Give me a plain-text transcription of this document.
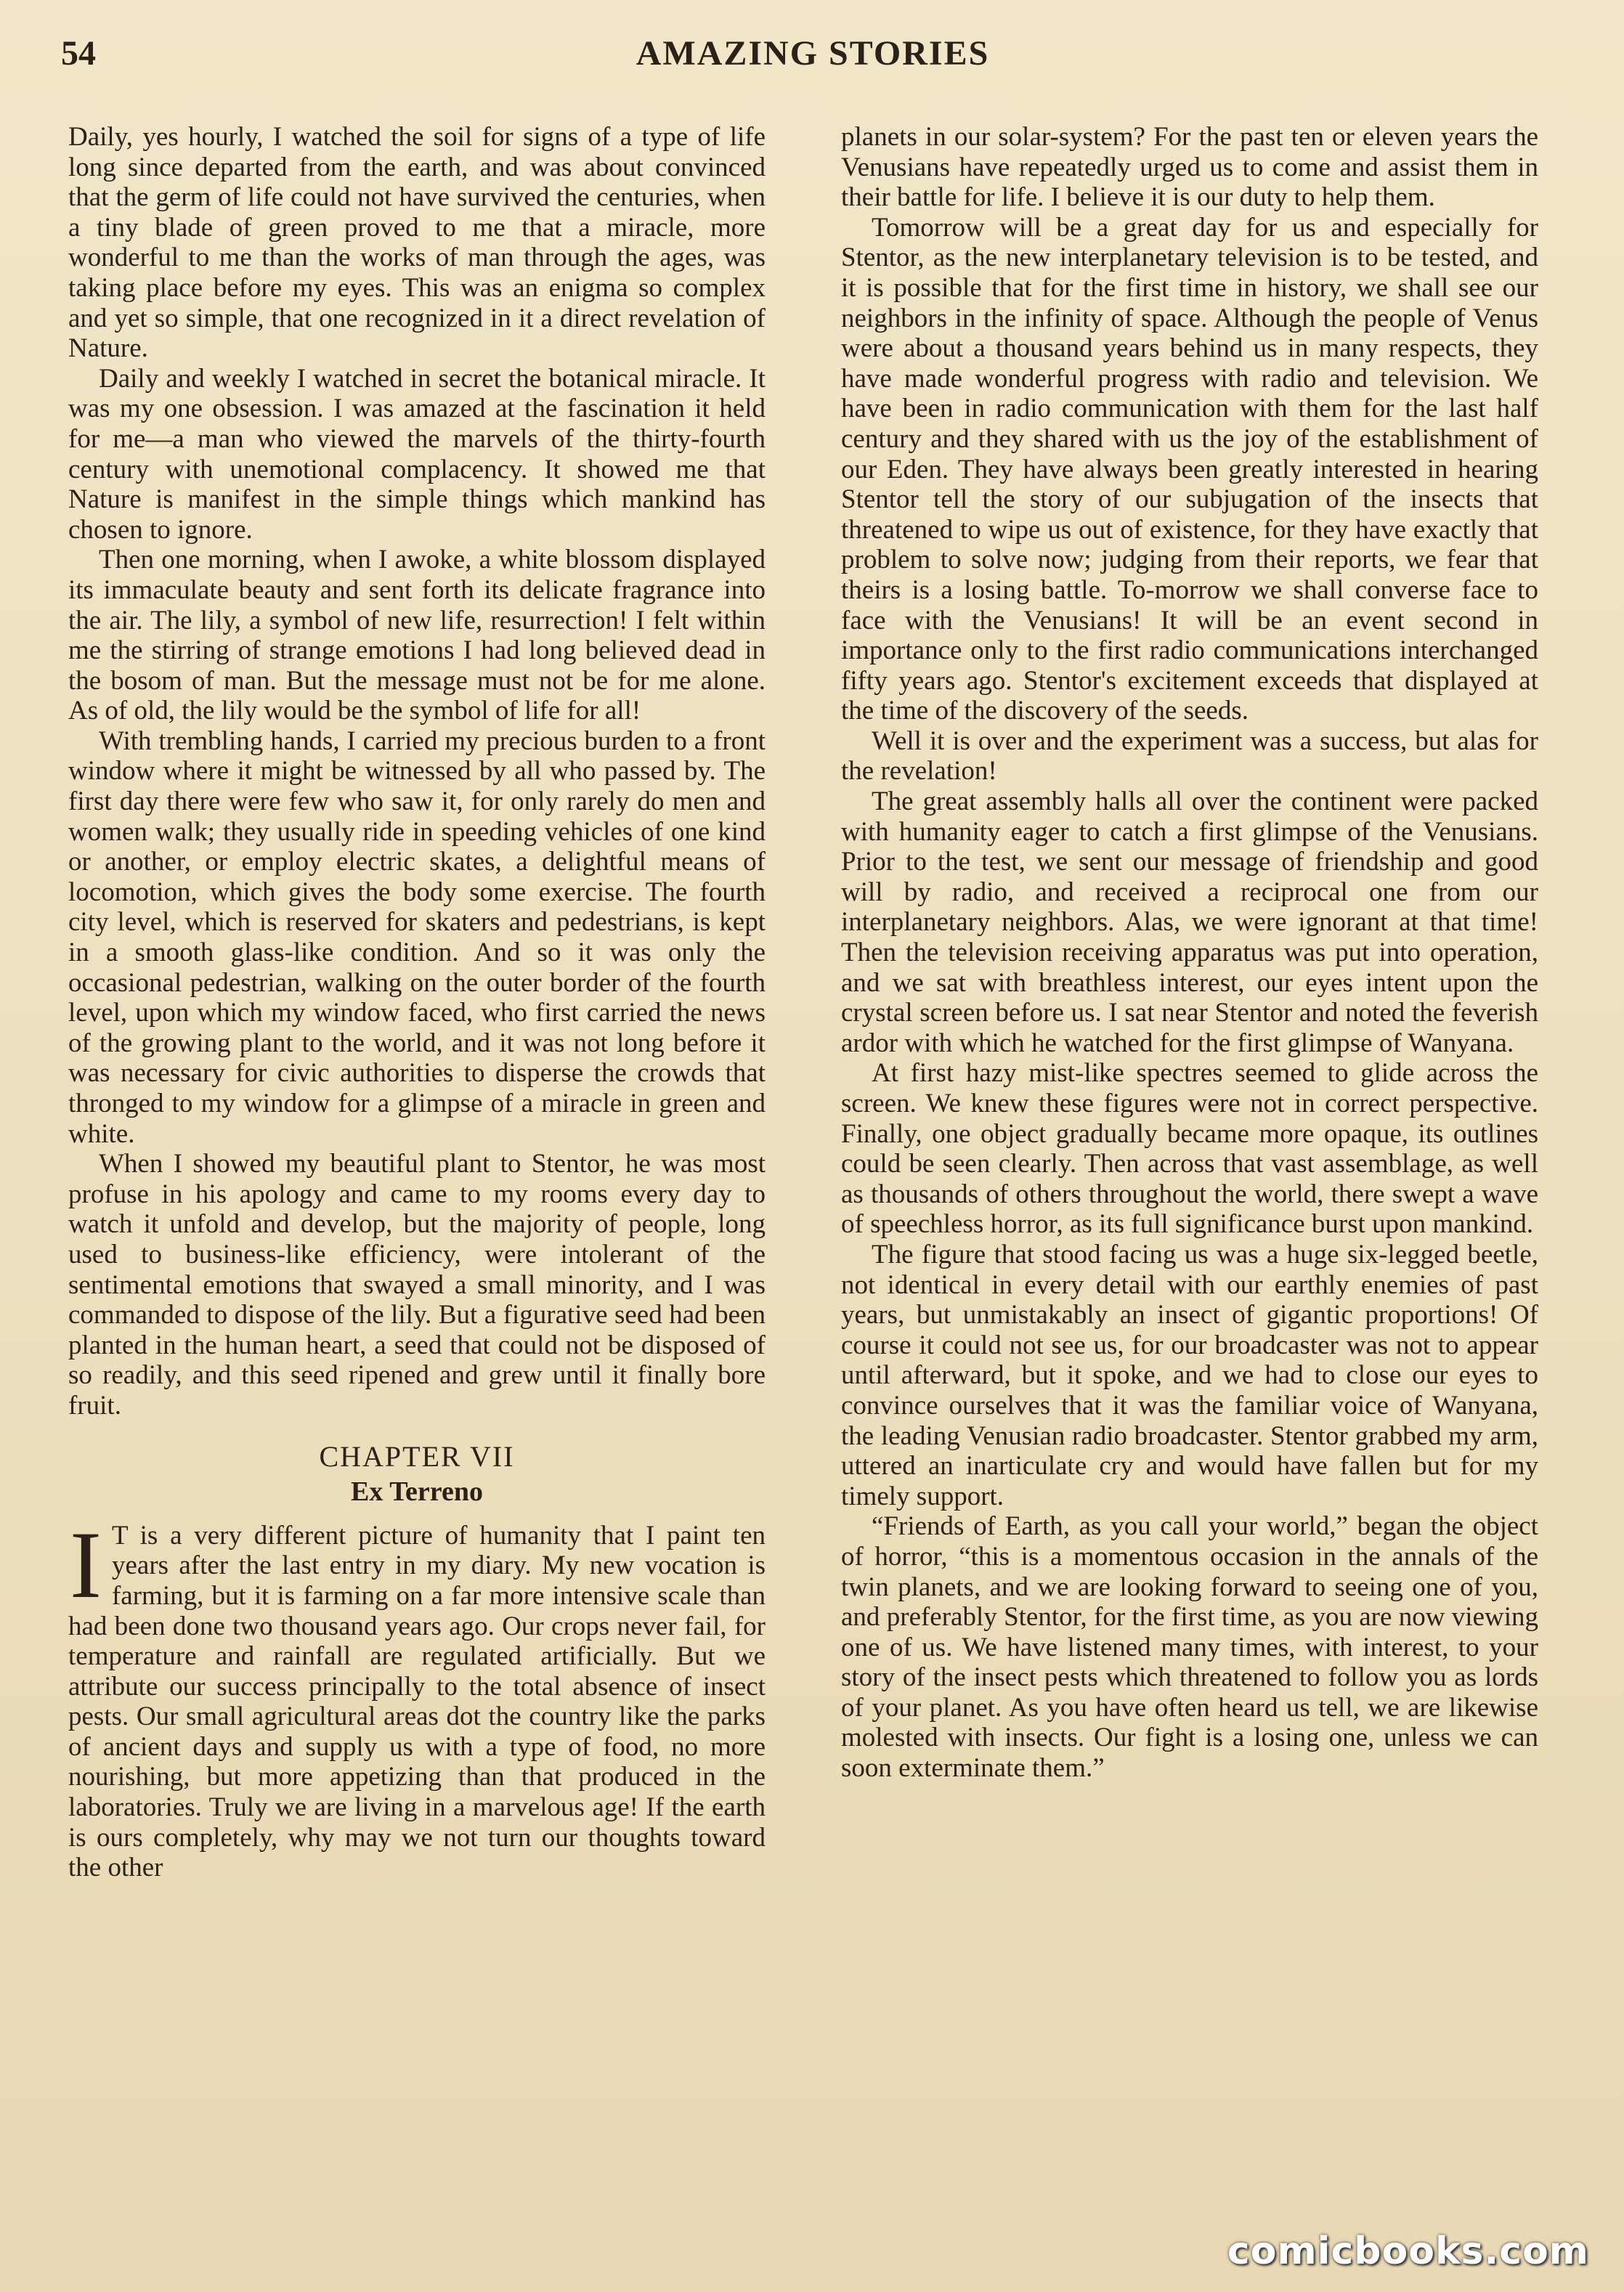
54	AMAZING STORIES

Daily, yes hourly, I watched the soil for signs of a type of life long since departed from the earth, and was about convinced that the germ of life could not have survived the centuries, when a tiny blade of green proved to me that a miracle, more wonderful to me than the works of man through the ages, was taking place before my eyes. This was an enigma so complex and yet so simple, that one recognized in it a direct revelation of Nature.

Daily and weekly I watched in secret the botanical miracle. It was my one obsession. I was amazed at the fascination it held for me—a man who viewed the marvels of the thirty-fourth century with unemotional complacency. It showed me that Nature is manifest in the simple things which mankind has chosen to ignore.

Then one morning, when I awoke, a white blossom displayed its immaculate beauty and sent forth its delicate fragrance into the air. The lily, a symbol of new life, resurrection! I felt within me the stirring of strange emotions I had long believed dead in the bosom of man. But the message must not be for me alone. As of old, the lily would be the symbol of life for all!

With trembling hands, I carried my precious burden to a front window where it might be witnessed by all who passed by. The first day there were few who saw it, for only rarely do men and women walk; they usually ride in speeding vehicles of one kind or another, or employ electric skates, a delightful means of locomotion, which gives the body some exercise. The fourth city level, which is reserved for skaters and pedestrians, is kept in a smooth glass-like condition. And so it was only the occasional pedestrian, walking on the outer border of the fourth level, upon which my window faced, who first carried the news of the growing plant to the world, and it was not long before it was necessary for civic authorities to disperse the crowds that thronged to my window for a glimpse of a miracle in green and white.

When I showed my beautiful plant to Stentor, he was most profuse in his apology and came to my rooms every day to watch it unfold and develop, but the majority of people, long used to business-like efficiency, were intolerant of the sentimental emotions that swayed a small minority, and I was commanded to dispose of the lily. But a figurative seed had been planted in the human heart, a seed that could not be disposed of so readily, and this seed ripened and grew until it finally bore fruit.

CHAPTER VII
Ex Terreno

I T is a very different picture of humanity that I paint ten years after the last entry in my diary. My new vocation is farming, but it is farming on a far more intensive scale than had been done two thousand years ago. Our crops never fail, for temperature and rainfall are regulated artificially. But we attribute our success principally to the total absence of insect pests. Our small agricultural areas dot the country like the parks of ancient days and supply us with a type of food, no more nourishing, but more appetizing than that produced in the laboratories. Truly we are living in a marvelous age! If the earth is ours completely, why may we not turn our thoughts toward the other

planets in our solar-system? For the past ten or eleven years the Venusians have repeatedly urged us to come and assist them in their battle for life. I believe it is our duty to help them.

Tomorrow will be a great day for us and especially for Stentor, as the new interplanetary television is to be tested, and it is possible that for the first time in history, we shall see our neighbors in the infinity of space. Although the people of Venus were about a thousand years behind us in many respects, they have made wonderful progress with radio and television. We have been in radio communication with them for the last half century and they shared with us the joy of the establishment of our Eden. They have always been greatly interested in hearing Stentor tell the story of our subjugation of the insects that threatened to wipe us out of existence, for they have exactly that problem to solve now; judging from their reports, we fear that theirs is a losing battle. To-morrow we shall converse face to face with the Venusians! It will be an event second in importance only to the first radio communications interchanged fifty years ago. Stentor's excitement exceeds that displayed at the time of the discovery of the seeds.

Well it is over and the experiment was a success, but alas for the revelation!

The great assembly halls all over the continent were packed with humanity eager to catch a first glimpse of the Venusians. Prior to the test, we sent our message of friendship and good will by radio, and received a reciprocal one from our interplanetary neighbors. Alas, we were ignorant at that time! Then the television receiving apparatus was put into operation, and we sat with breathless interest, our eyes intent upon the crystal screen before us. I sat near Stentor and noted the feverish ardor with which he watched for the first glimpse of Wanyana.

At first hazy mist-like spectres seemed to glide across the screen. We knew these figures were not in correct perspective. Finally, one object gradually became more opaque, its outlines could be seen clearly. Then across that vast assemblage, as well as thousands of others throughout the world, there swept a wave of speechless horror, as its full significance burst upon mankind.

The figure that stood facing us was a huge six-legged beetle, not identical in every detail with our earthly enemies of past years, but unmistakably an insect of gigantic proportions! Of course it could not see us, for our broadcaster was not to appear until afterward, but it spoke, and we had to close our eyes to convince ourselves that it was the familiar voice of Wanyana, the leading Venusian radio broadcaster. Stentor grabbed my arm, uttered an inarticulate cry and would have fallen but for my timely support.

“Friends of Earth, as you call your world,” began the object of horror, “this is a momentous occasion in the annals of the twin planets, and we are looking forward to seeing one of you, and preferably Stentor, for the first time, as you are now viewing one of us. We have listened many times, with interest, to your story of the insect pests which threatened to follow you as lords of your planet. As you have often heard us tell, we are likewise molested with insects. Our fight is a losing one, unless we can soon exterminate them.”

comicbooks.com
